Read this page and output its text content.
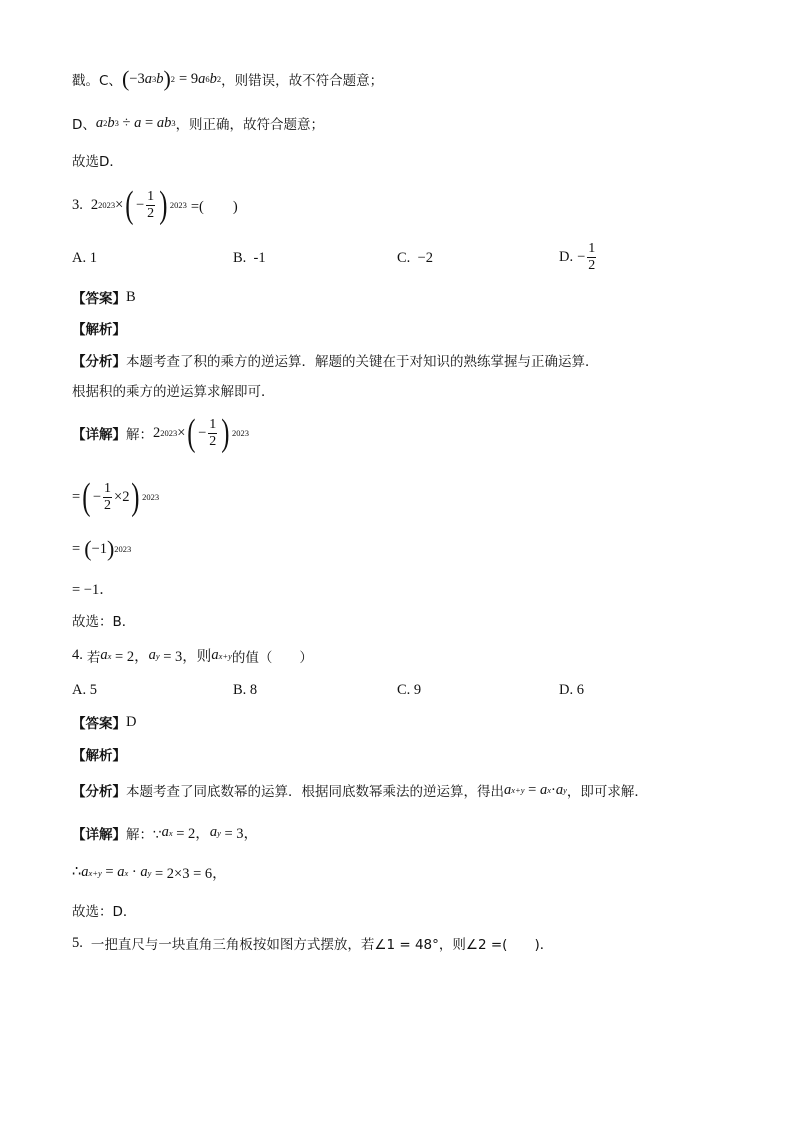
戳。C、 ( −3 a 3 b ) 2 = 9 a 6 b 2 ，则错误，故不符合题意；
D、 a 2 b 3 ÷ a = a b 3 ，则正确，故符合题意；
故选D．
3. 2 2023 × ( − $\frac{1}{2}$ ) 2023 =(　　)
A. 1	B.  -1	C.  −2	D. − $\frac{1}{2}$
【答案】 B
【解析】
【分析】 本题考查了积的乘方的逆运算．解题的关键在于对知识的熟练掌握与正确运算．
根据积的乘方的逆运算求解即可．
【详解】 解： 2 2023 × ( − $\frac{1}{2}$ ) 2023
= ( − $\frac{1}{2} \times 2$ ) 2023
= ( −1 ) 2023
= −1．
故选：B．
4. 若 a x = 2， a y = 3，则 a x+y 的值（　　）
A. 5	B. 8	C. 9	D. 6
【答案】 D
【解析】
【分析】 本题考查了同底数幂的运算．根据同底数幂乘法的逆运算，得出 a x+y = a x · a y ，即可求解．
【详解】 解：∵ a x = 2， a y = 3，
∴ a x+y = a x · a y = 2×3 = 6，
故选：D．
5. 一把直尺与一块直角三角板按如图方式摆放，若∠1 = 48°，则∠2 =(　　)．
